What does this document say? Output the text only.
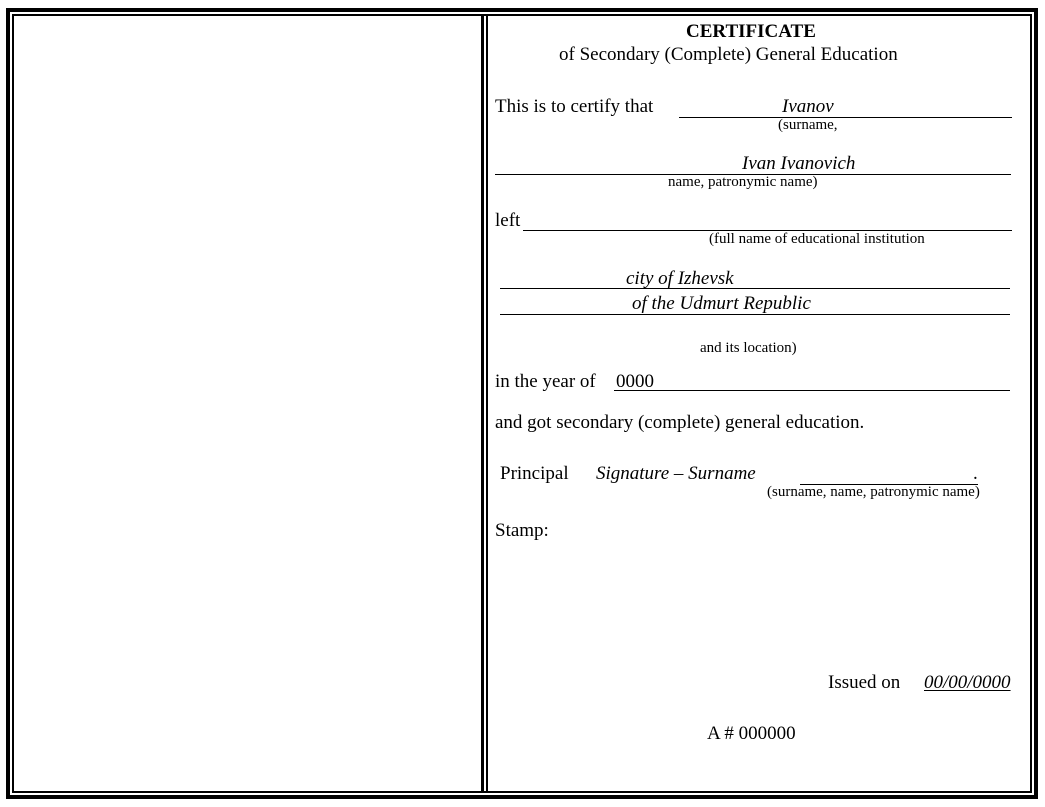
CERTIFICATE
of Secondary (Complete) General Education
This is to certify that	Ivanov
(surname,
Ivan Ivanovich
name, patronymic name)
left
(full name of educational institution
city of Izhevsk
of the Udmurt Republic
and its location)
in the year of 0000
and got secondary (complete) general education.
Principal Signature – Surname	.
(surname, name, patronymic name)
Stamp:
Issued on 00/00/0000
A # 000000
